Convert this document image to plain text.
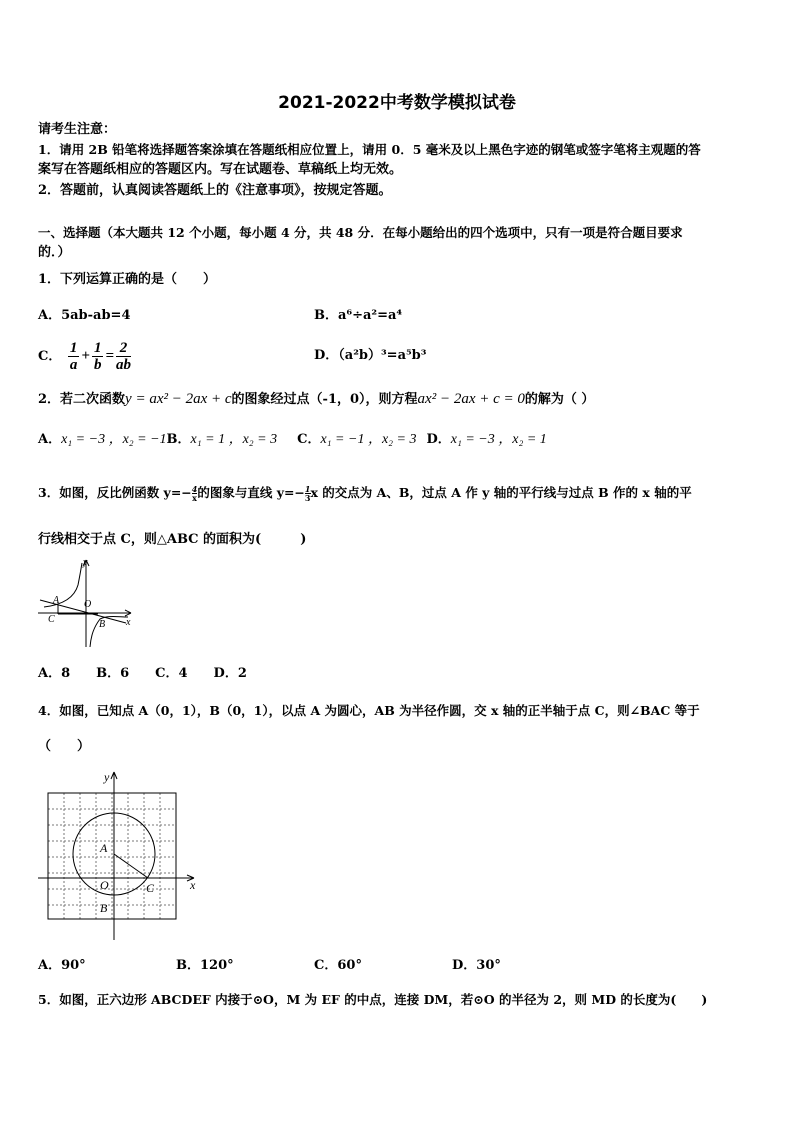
2021-2022中考数学模拟试卷
请考生注意：
1．请用 2B 铅笔将选择题答案涂填在答题纸相应位置上，请用 0．5 毫米及以上黑色字迹的钢笔或签字笔将主观题的答
案写在答题纸相应的答题区内。写在试题卷、草稿纸上均无效。
2．答题前，认真阅读答题纸上的《注意事项》，按规定答题。
一、选择题（本大题共 12 个小题，每小题 4 分，共 48 分．在每小题给出的四个选项中，只有一项是符合题目要求
的．）
1．下列运算正确的是（　　）
A．5ab-ab=4	B．a⁶÷a²=a⁴
C． $\frac{1}{a} + \frac{1}{b} = \frac{2}{ab}$	D．（a²b）³=a⁵b³
2．若二次函数y = ax² − 2ax + c的图象经过点（-1，0），则方程ax² − 2ax + c = 0的解为（ ）
A．x₁ = −3 ，x₂ = −1B．x₁ = 1 ，x₂ = 3 C．x₁ = −1 ，x₂ = 3 D．x₁ = −3 ，x₂ = 1
3．如图，反比例函数 $y=- \frac{4}{x}$ 的图象与直线 $y=- \frac{1}{3}$ x 的交点为 A、B，过点 A 作 y 轴的平行线与过点 B 作的 x 轴的平
行线相交于点 C，则△ABC 的面积为(　　　)
y
x
A O
C	B
A．8　　B．6　　C．4　　D．2
4．如图，已知点 A（0，1），B（0，1），以点 A 为圆心，AB 为半径作圆，交 x 轴的正半轴于点 C，则∠BAC 等于
（　　）
y
x
A
O	C
B
A．90°	B．120°	C．60°	D．30°
5．如图，正六边形 ABCDEF 内接于⊙O，M 为 EF 的中点，连接 DM，若⊙O 的半径为 2，则 MD 的长度为(　　)
